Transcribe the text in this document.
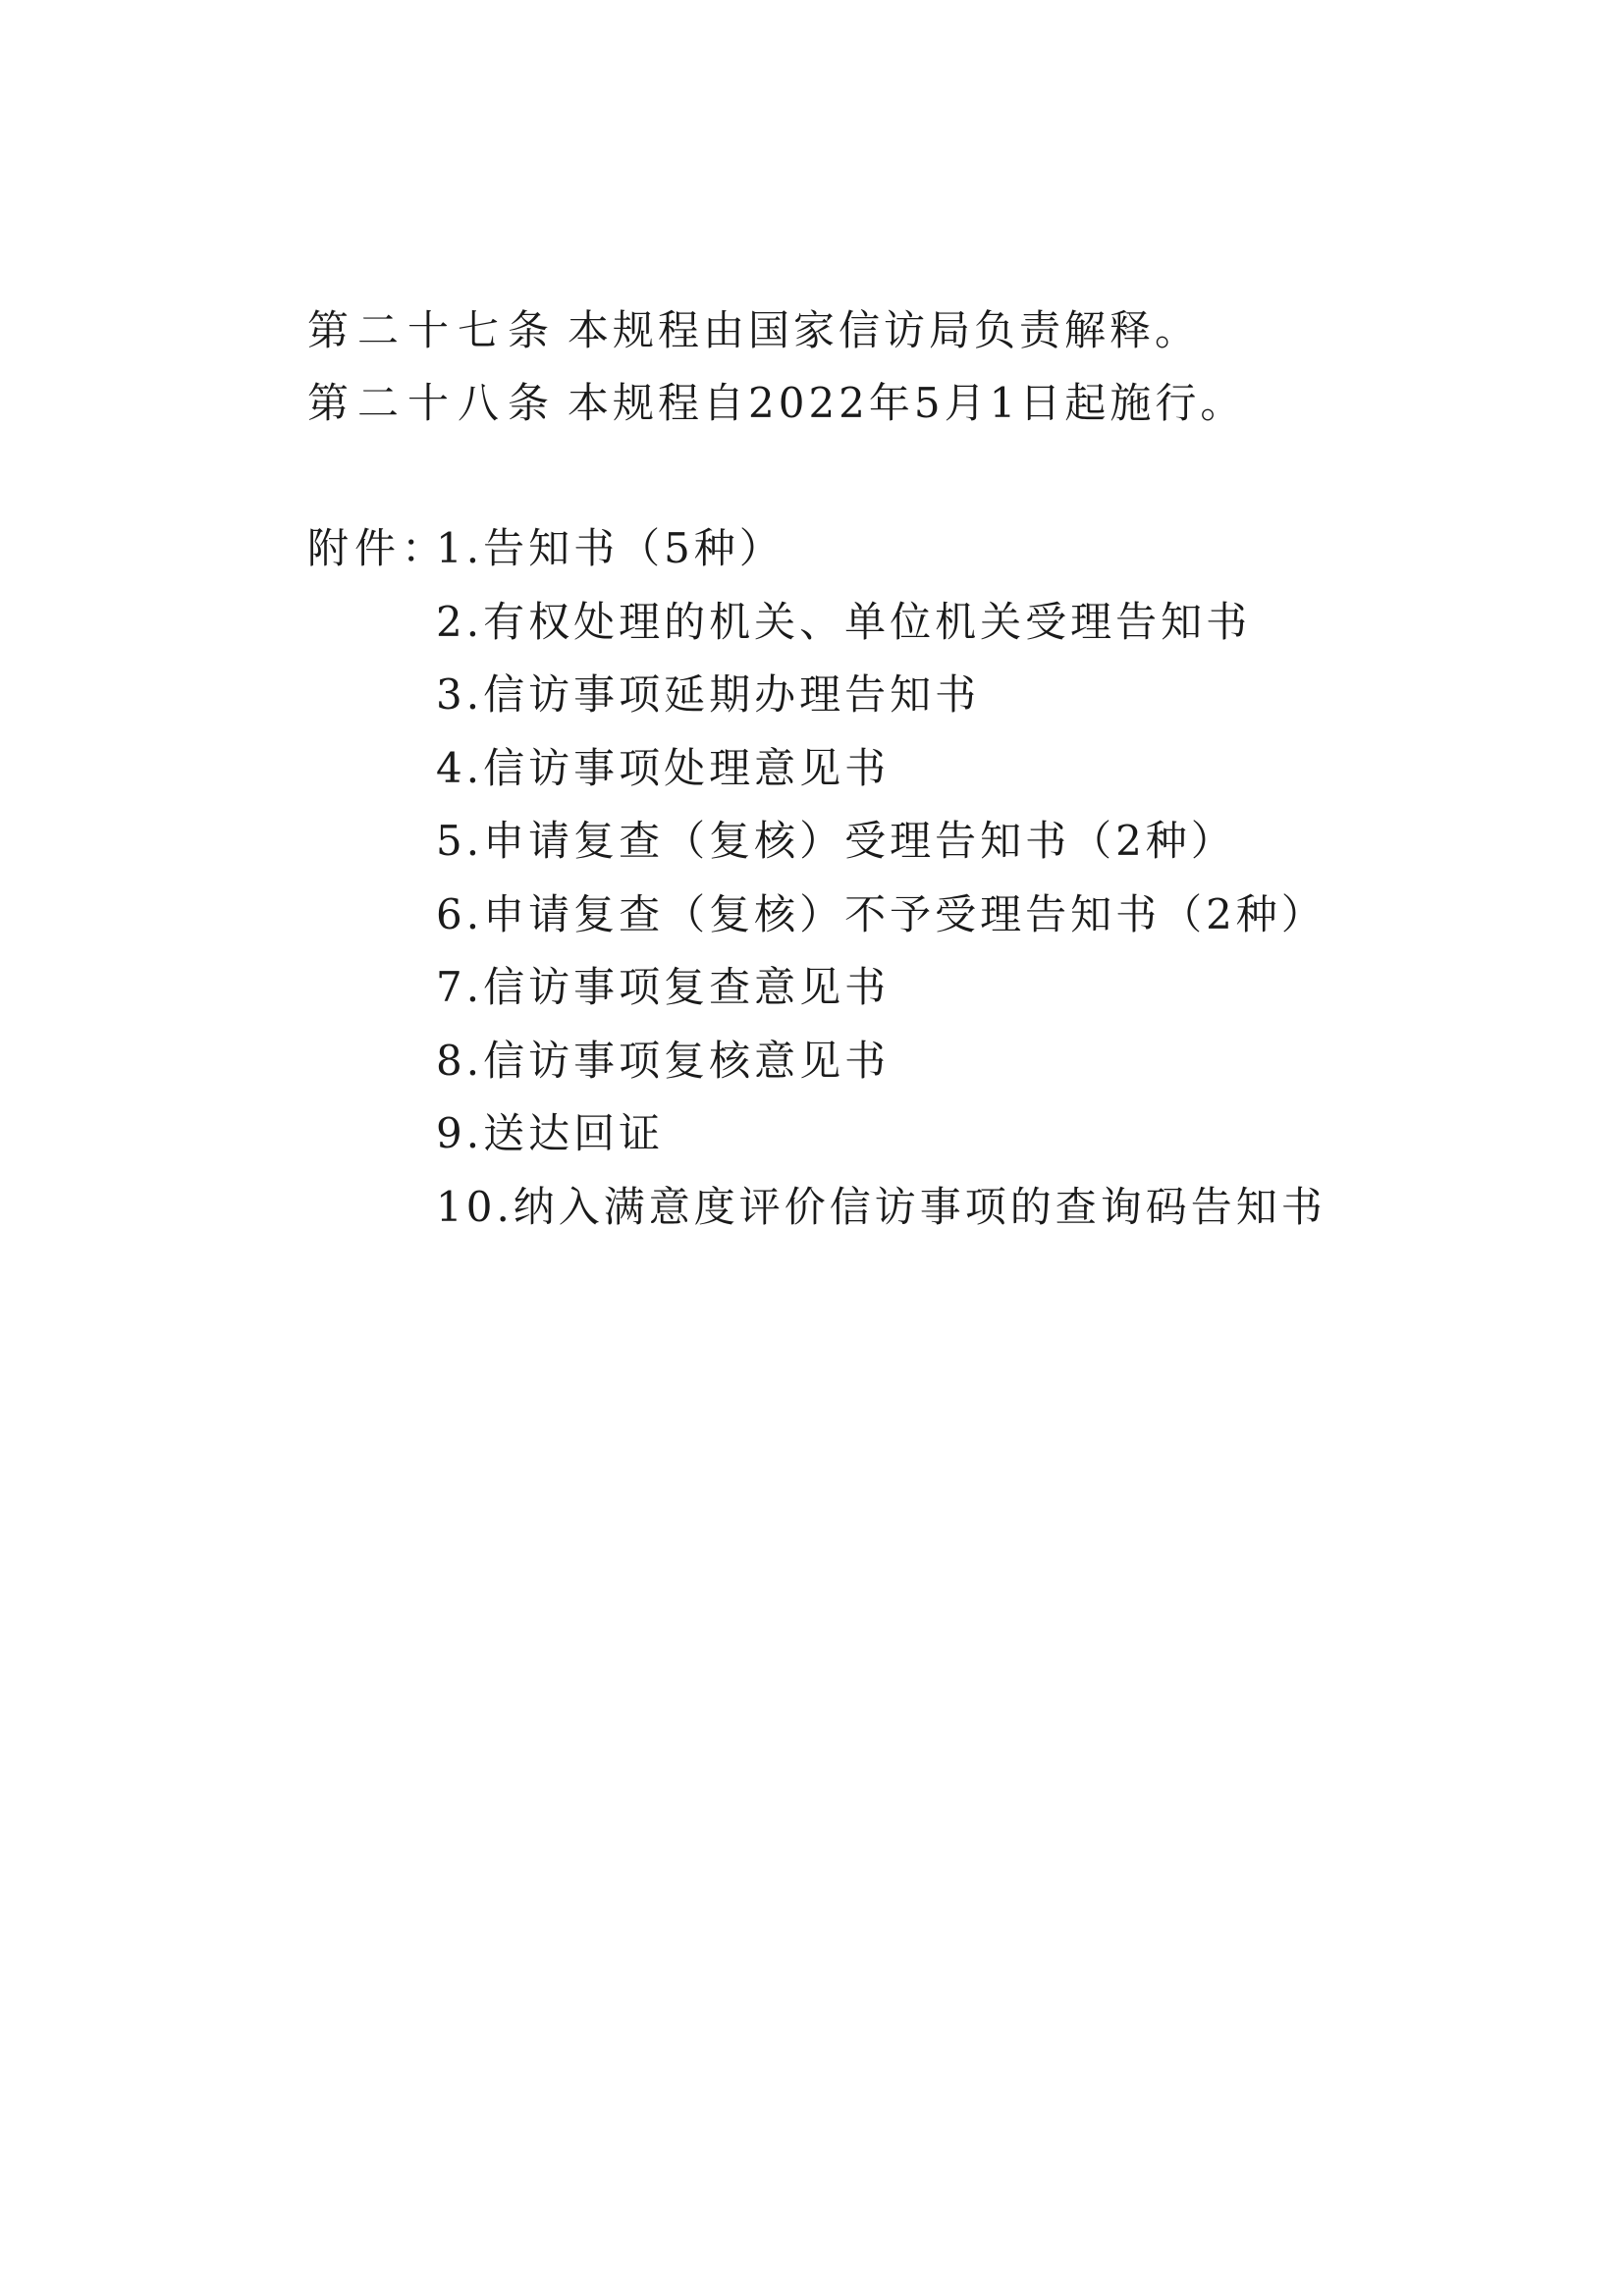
第二十七条 本规程由国家信访局负责解释。
第二十八条 本规程自2022年5月1日起施行。
附件：
1.告知书（5种）
2.有权处理的机关、单位机关受理告知书
3.信访事项延期办理告知书
4.信访事项处理意见书
5.申请复查（复核）受理告知书（2种）
6.申请复查（复核）不予受理告知书（2种）
7.信访事项复查意见书
8.信访事项复核意见书
9.送达回证
10.纳入满意度评价信访事项的查询码告知书
